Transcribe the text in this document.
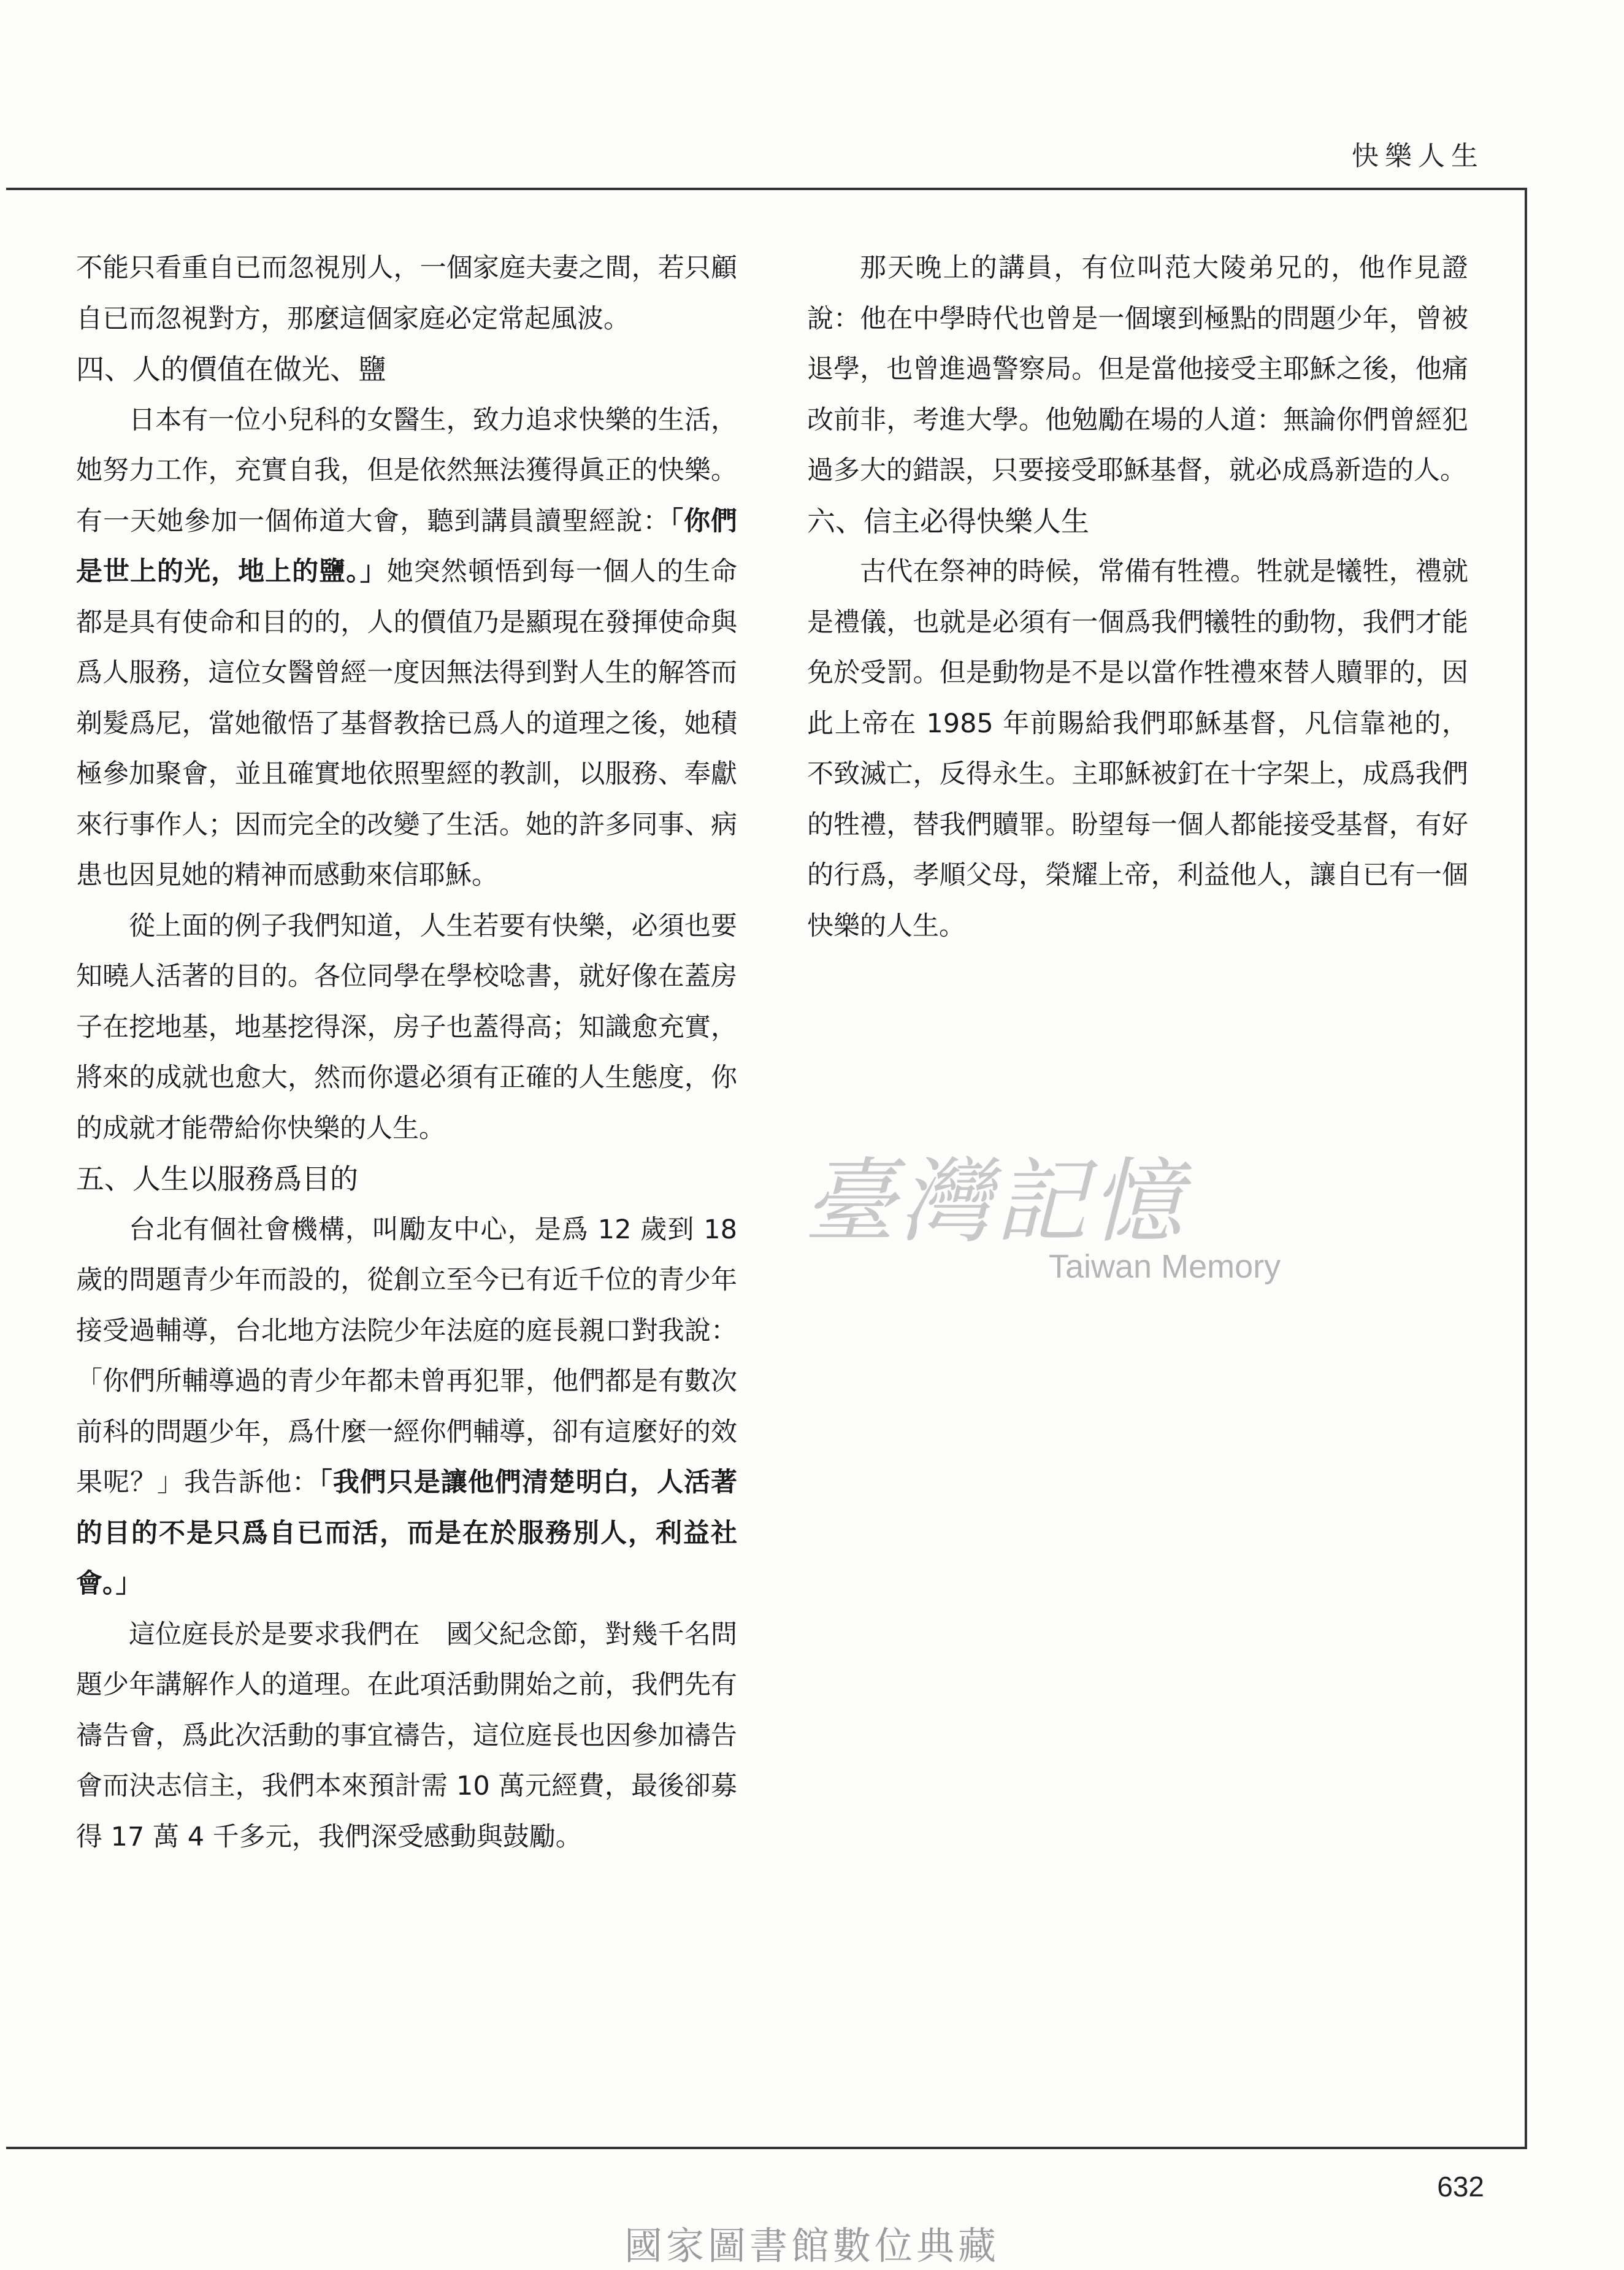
快樂人生

不能只看重自已而忽視別人，一個家庭夫妻之間，若只顧自已而忽視對方，那麼這個家庭必定常起風波。

四、人的價值在做光、鹽

日本有一位小兒科的女醫生，致力追求快樂的生活，她努力工作，充實自我，但是依然無法獲得眞正的快樂。有一天她參加一個佈道大會，聽到講員讀聖經說：「你們是世上的光，地上的鹽。」她突然頓悟到每一個人的生命都是具有使命和目的的，人的價值乃是顯現在發揮使命與爲人服務，這位女醫曾經一度因無法得到對人生的解答而剃髮爲尼，當她徹悟了基督教捨已爲人的道理之後，她積極參加聚會，並且確實地依照聖經的教訓，以服務、奉獻來行事作人；因而完全的改變了生活。她的許多同事、病患也因見她的精神而感動來信耶穌。

從上面的例子我們知道，人生若要有快樂，必須也要知曉人活著的目的。各位同學在學校唸書，就好像在蓋房子在挖地基，地基挖得深，房子也蓋得高；知識愈充實，將來的成就也愈大，然而你還必須有正確的人生態度，你的成就才能帶給你快樂的人生。

五、人生以服務爲目的

台北有個社會機構，叫勵友中心，是爲 12 歲到 18 歲的問題青少年而設的，從創立至今已有近千位的青少年接受過輔導，台北地方法院少年法庭的庭長親口對我說：「你們所輔導過的青少年都未曾再犯罪，他們都是有數次前科的問題少年，爲什麼一經你們輔導，卻有這麼好的效果呢？」我告訴他：「我們只是讓他們清楚明白，人活著的目的不是只爲自已而活，而是在於服務別人，利益社會。」

這位庭長於是要求我們在　國父紀念節，對幾千名問題少年講解作人的道理。在此項活動開始之前，我們先有禱告會，爲此次活動的事宜禱告，這位庭長也因參加禱告會而決志信主，我們本來預計需 10 萬元經費，最後卻募得 17 萬 4 千多元，我們深受感動與鼓勵。

那天晚上的講員，有位叫范大陵弟兄的，他作見證說：他在中學時代也曾是一個壞到極點的問題少年，曾被退學，也曾進過警察局。但是當他接受主耶穌之後，他痛改前非，考進大學。他勉勵在場的人道：無論你們曾經犯過多大的錯誤，只要接受耶穌基督，就必成爲新造的人。

六、信主必得快樂人生

古代在祭神的時候，常備有牲禮。牲就是犧牲，禮就是禮儀，也就是必須有一個爲我們犧牲的動物，我們才能免於受罰。但是動物是不是以當作牲禮來替人贖罪的，因此上帝在 1985 年前賜給我們耶穌基督，凡信靠祂的，不致滅亡，反得永生。主耶穌被釘在十字架上，成爲我們的牲禮，替我們贖罪。盼望每一個人都能接受基督，有好的行爲，孝順父母，榮耀上帝，利益他人，讓自已有一個快樂的人生。

臺灣記憶
Taiwan Memory
632
國家圖書館數位典藏
